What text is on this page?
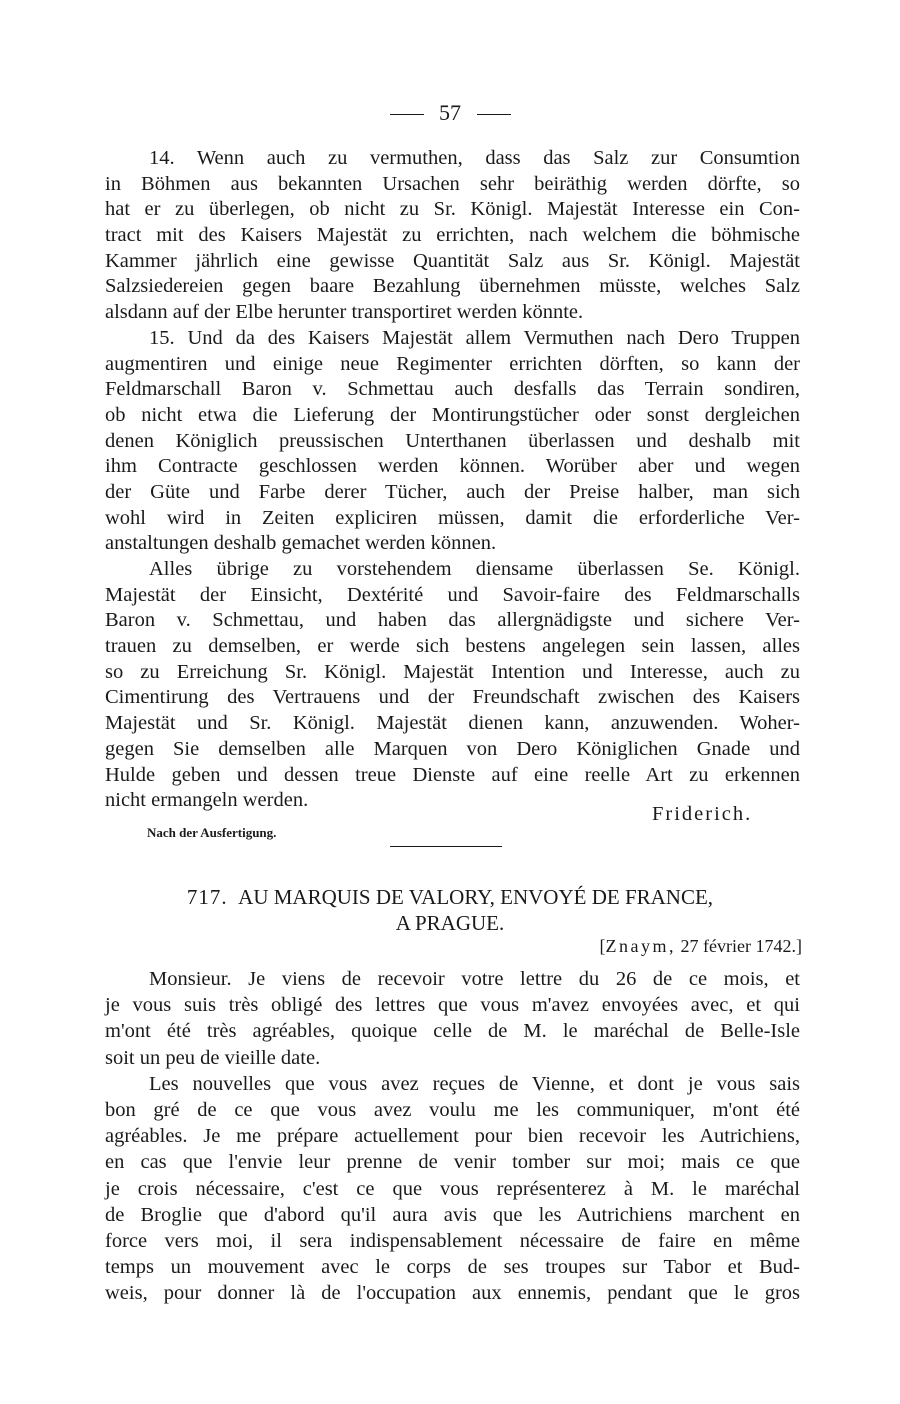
57
14. Wenn auch zu vermuthen, dass das Salz zur Consumtion
in Böhmen aus bekannten Ursachen sehr beiräthig werden dörfte, so
hat er zu überlegen, ob nicht zu Sr. Königl. Majestät Interesse ein Con-
tract mit des Kaisers Majestät zu errichten, nach welchem die böhmische
Kammer jährlich eine gewisse Quantität Salz aus Sr. Königl. Majestät
Salzsiedereien gegen baare Bezahlung übernehmen müsste, welches Salz
alsdann auf der Elbe herunter transportiret werden könnte.
15. Und da des Kaisers Majestät allem Vermuthen nach Dero Truppen
augmentiren und einige neue Regimenter errichten dörften, so kann der
Feldmarschall Baron v. Schmettau auch desfalls das Terrain sondiren,
ob nicht etwa die Lieferung der Montirungstücher oder sonst dergleichen
denen Königlich preussischen Unterthanen überlassen und deshalb mit
ihm Contracte geschlossen werden können. Worüber aber und wegen
der Güte und Farbe derer Tücher, auch der Preise halber, man sich
wohl wird in Zeiten expliciren müssen, damit die erforderliche Ver-
anstaltungen deshalb gemachet werden können.
Alles übrige zu vorstehendem diensame überlassen Se. Königl.
Majestät der Einsicht, Dextérité und Savoir-faire des Feldmarschalls
Baron v. Schmettau, und haben das allergnädigste und sichere Ver-
trauen zu demselben, er werde sich bestens angelegen sein lassen, alles
so zu Erreichung Sr. Königl. Majestät Intention und Interesse, auch zu
Cimentirung des Vertrauens und der Freundschaft zwischen des Kaisers
Majestät und Sr. Königl. Majestät dienen kann, anzuwenden. Woher-
gegen Sie demselben alle Marquen von Dero Königlichen Gnade und
Hulde geben und dessen treue Dienste auf eine reelle Art zu erkennen
nicht ermangeln werden.
Friderich.
Nach der Ausfertigung.
717. AU MARQUIS DE VALORY, ENVOYÉ DE FRANCE,
A PRAGUE.
[Znaym, 27 février 1742.]
Monsieur. Je viens de recevoir votre lettre du 26 de ce mois, et
je vous suis très obligé des lettres que vous m'avez envoyées avec, et qui
m'ont été très agréables, quoique celle de M. le maréchal de Belle-Isle
soit un peu de vieille date.
Les nouvelles que vous avez reçues de Vienne, et dont je vous sais
bon gré de ce que vous avez voulu me les communiquer, m'ont été
agréables. Je me prépare actuellement pour bien recevoir les Autrichiens,
en cas que l'envie leur prenne de venir tomber sur moi; mais ce que
je crois nécessaire, c'est ce que vous représenterez à M. le maréchal
de Broglie que d'abord qu'il aura avis que les Autrichiens marchent en
force vers moi, il sera indispensablement nécessaire de faire en même
temps un mouvement avec le corps de ses troupes sur Tabor et Bud-
weis, pour donner là de l'occupation aux ennemis, pendant que le gros
